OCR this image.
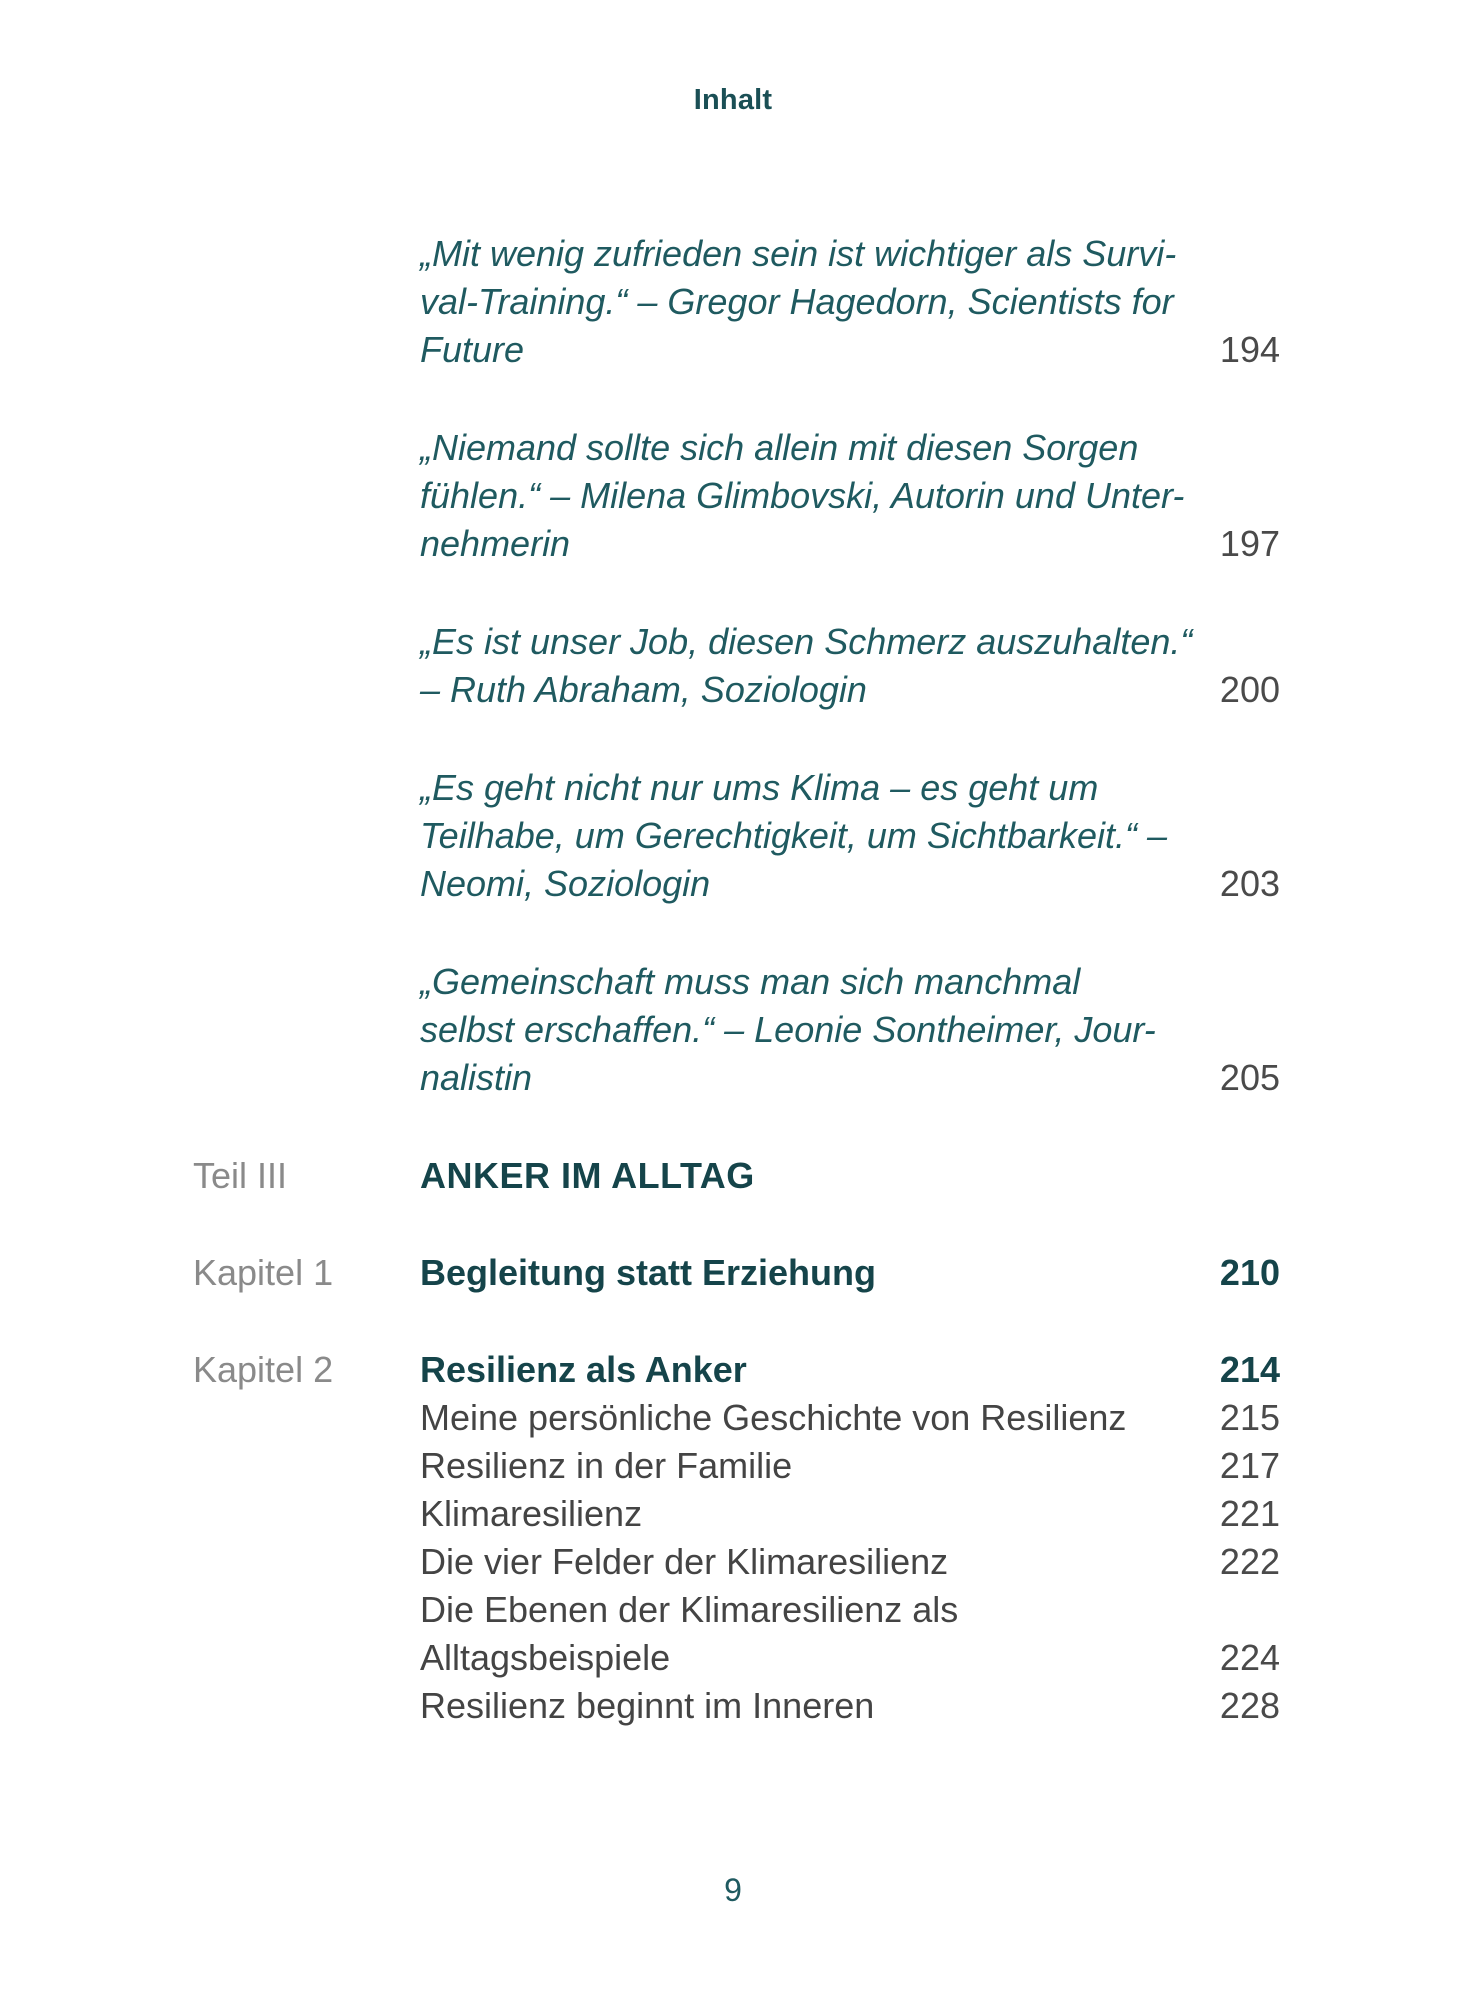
Inhalt
„Mit wenig zufrieden sein ist wichtiger als Survi-
val-Training.“ – Gregor Hagedorn, Scientists for
Future	194
„Niemand sollte sich allein mit diesen Sorgen
fühlen.“ – Milena Glimbovski, Autorin und Unter-
nehmerin	197
„Es ist unser Job, diesen Schmerz auszuhalten.“
– Ruth Abraham, Soziologin	200
„Es geht nicht nur ums Klima – es geht um
Teilhabe, um Gerechtigkeit, um Sichtbarkeit.“ –
Neomi, Soziologin	203
„Gemeinschaft muss man sich manchmal
selbst erschaffen.“ – Leonie Sontheimer, Jour-
nalistin	205
Teil III	ANKER IM ALLTAG
Kapitel 1 Begleitung statt Erziehung	210
Kapitel 2 Resilienz als Anker	214
Meine persönliche Geschichte von Resilienz	215
Resilienz in der Familie	217
Klimaresilienz	221
Die vier Felder der Klimaresilienz	222
Die Ebenen der Klimaresilienz als
Alltagsbeispiele	224
Resilienz beginnt im Inneren	228
9
